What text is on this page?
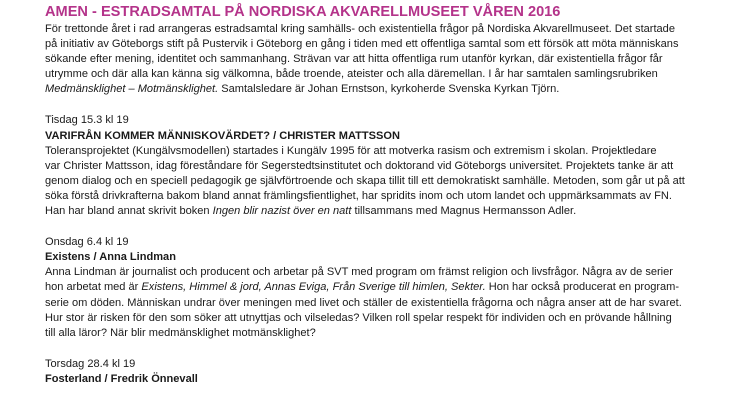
AMEN - ESTRADSAMTAL PÅ NORDISKA AKVARELLMUSEET VÅREN 2016

För trettonde året i rad arrangeras estradsamtal kring samhälls- och existentiella frågor på Nordiska Akvarellmuseet. Det startade
på initiativ av Göteborgs stift på Pustervik i Göteborg en gång i tiden med ett offentliga samtal som ett försök att möta människans
sökande efter mening, identitet och sammanhang. Strävan var att hitta offentliga rum utanför kyrkan, där existentiella frågor får
utrymme och där alla kan känna sig välkomna, både troende, ateister och alla däremellan. I år har samtalen samlingsrubriken
Medmänsklighet – Motmänsklighet. Samtalsledare är Johan Ernstson, kyrkoherde Svenska Kyrkan Tjörn.

Tisdag 15.3 kl 19
VARIFRÅN KOMMER MÄNNISKOVÄRDET? / CHRISTER MATTSSON

Toleransprojektet (Kungälvsmodellen) startades i Kungälv 1995 för att motverka rasism och extremism i skolan. Projektledare
var Christer Mattsson, idag föreståndare för Segerstedtsinstitutet och doktorand vid Göteborgs universitet. Projektets tanke är att
genom dialog och en speciell pedagogik ge självförtroende och skapa tillit till ett demokratiskt samhälle. Metoden, som går ut på att
söka förstå drivkrafterna bakom bland annat främlingsfientlighet, har spridits inom och utom landet och uppmärksammats av FN.
Han har bland annat skrivit boken Ingen blir nazist över en natt tillsammans med Magnus Hermansson Adler.

Onsdag 6.4 kl 19
Existens / Anna Lindman

Anna Lindman är journalist och producent och arbetar på SVT med program om främst religion och livsfrågor. Några av de serier
hon arbetat med är Existens, Himmel & jord, Annas Eviga, Från Sverige till himlen, Sekter. Hon har också producerat en program-
serie om döden. Människan undrar över meningen med livet och ställer de existentiella frågorna och några anser att de har svaret.
Hur stor är risken för den som söker att utnyttjas och vilseledas? Vilken roll spelar respekt för individen och en prövande hållning
till alla läror? När blir medmänsklighet motmänsklighet?

Torsdag 28.4 kl 19
Fosterland / Fredrik Önnevall
